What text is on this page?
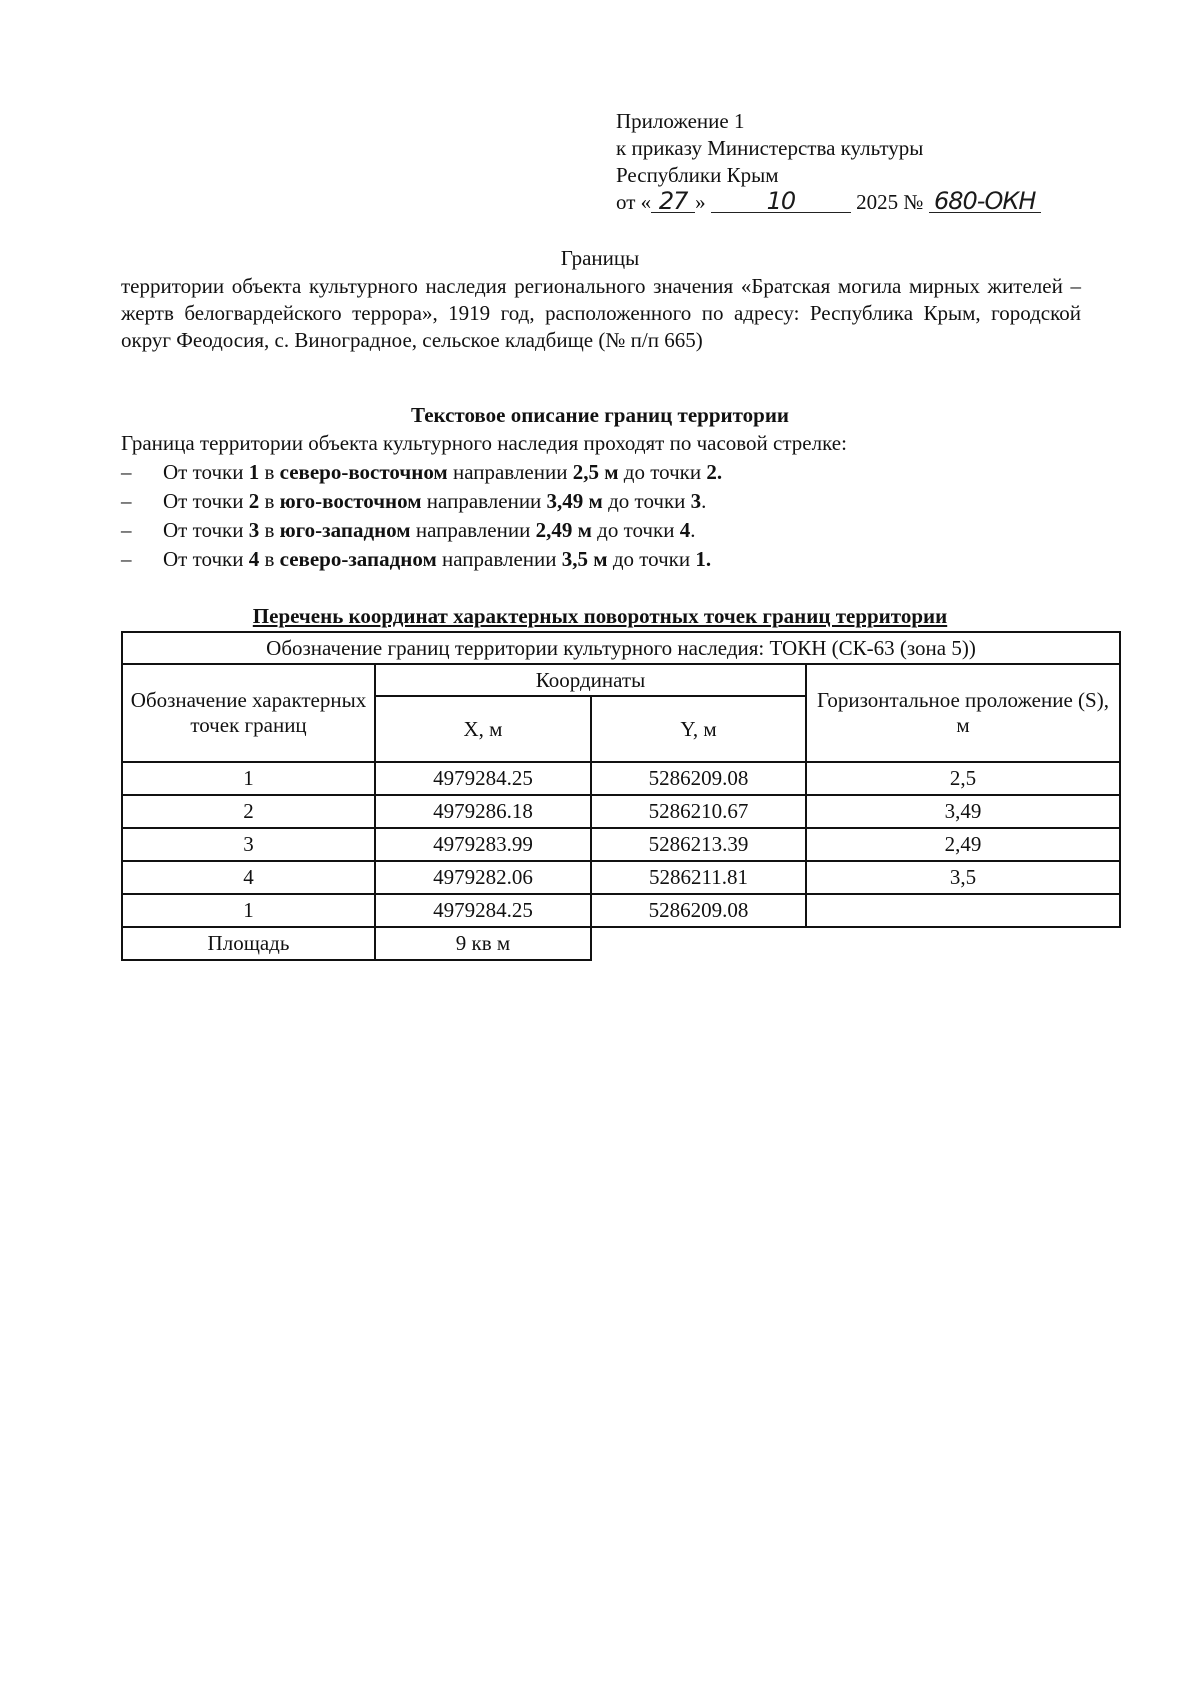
Приложение 1
к приказу Министерства культуры
Республики Крым
от « 27 »	10	2025 № 680-ОКН
Границы
территории объекта культурного наследия регионального значения «Братская могила мирных жителей – жертв белогвардейского террора», 1919 год, расположенного по адресу: Республика Крым, городской округ Феодосия, с. Виноградное, сельское кладбище (№ п/п 665)
Текстовое описание границ территории
Граница территории объекта культурного наследия проходят по часовой стрелке:
– От точки 1 в северо-восточном направлении 2,5 м до точки 2.
– От точки 2 в юго-восточном направлении 3,49 м до точки 3.
– От точки 3 в юго-западном направлении 2,49 м до точки 4.
– От точки 4 в северо-западном направлении 3,5 м до точки 1.
Перечень координат характерных поворотных точек границ территории
Обозначение границ территории культурного наследия: ТОКН (СК-63 (зона 5))			
Обозначение характерных точек границ	Координаты		Горизонтальное проложение (S), м
	X, м	Y, м	
1	4979284.25	5286209.08	2,5
2	4979286.18	5286210.67	3,49
3	4979283.99	5286213.39	2,49
4	4979282.06	5286211.81	3,5
1	4979284.25	5286209.08	
Площадь	9 кв м		
